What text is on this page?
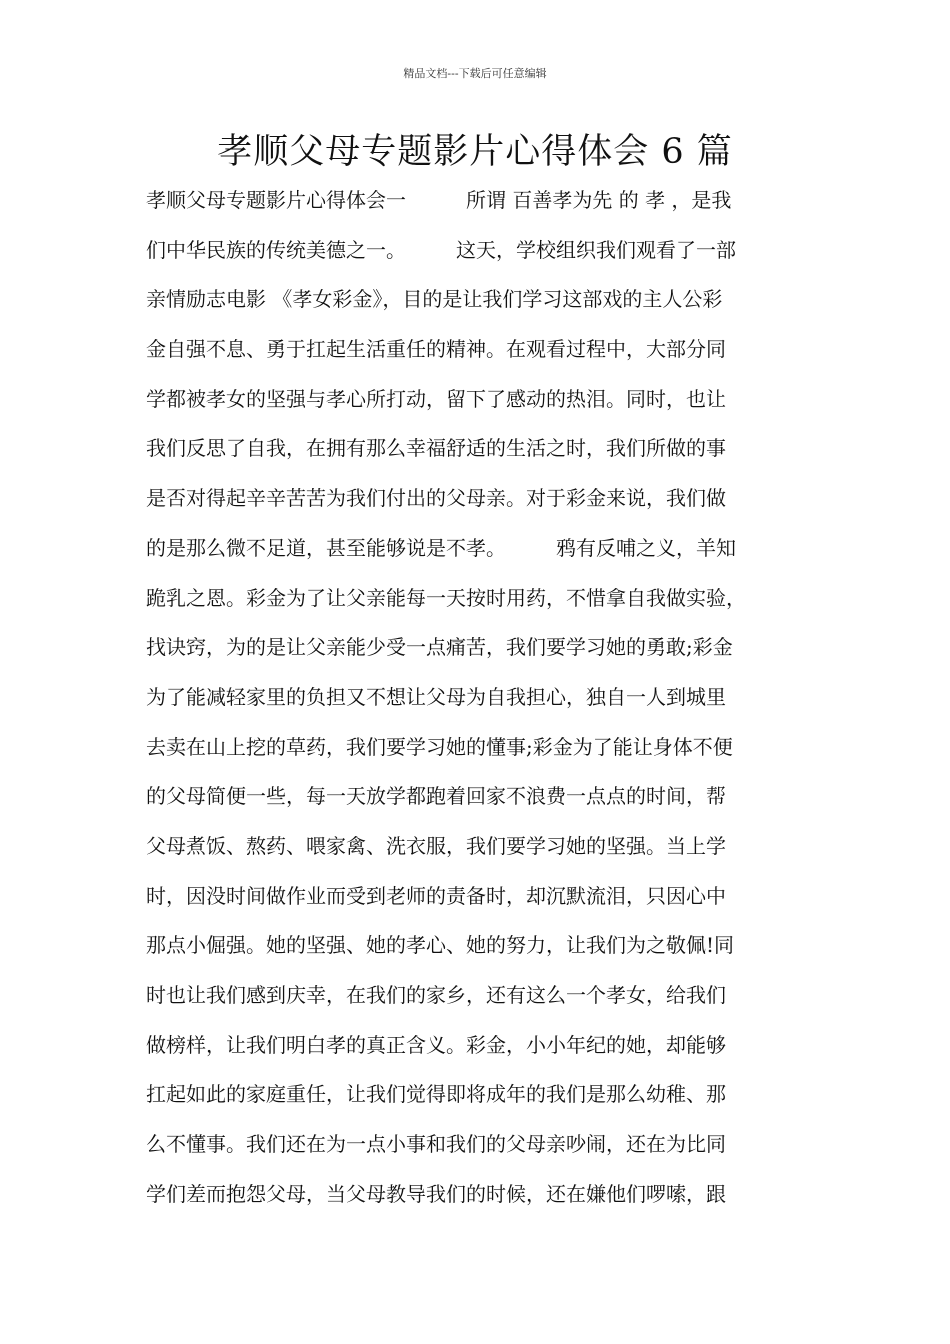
精品文档---下载后可任意编辑
孝顺父母专题影片心得体会 6 篇
孝顺父母专题影片心得体会一　　　所谓 百善孝为先 的 孝 ，是我
们中华民族的传统美德之一。　　　这天，学校组织我们观看了一部
亲情励志电影 《孝女彩金》，目的是让我们学习这部戏的主人公彩
金自强不息、勇于扛起生活重任的精神。在观看过程中，大部分同
学都被孝女的坚强与孝心所打动，留下了感动的热泪。同时，也让
我们反思了自我，在拥有那么幸福舒适的生活之时，我们所做的事
是否对得起辛辛苦苦为我们付出的父母亲。对于彩金来说，我们做
的是那么微不足道，甚至能够说是不孝。　　　鸦有反哺之义，羊知
跪乳之恩。彩金为了让父亲能每一天按时用药，不惜拿自我做实验，
找诀窍，为的是让父亲能少受一点痛苦，我们要学习她的勇敢;彩金
为了能减轻家里的负担又不想让父母为自我担心，独自一人到城里
去卖在山上挖的草药，我们要学习她的懂事;彩金为了能让身体不便
的父母简便一些，每一天放学都跑着回家不浪费一点点的时间，帮
父母煮饭、熬药、喂家禽、洗衣服，我们要学习她的坚强。当上学
时，因没时间做作业而受到老师的责备时，却沉默流泪，只因心中
那点小倔强。她的坚强、她的孝心、她的努力，让我们为之敬佩!同
时也让我们感到庆幸，在我们的家乡，还有这么一个孝女，给我们
做榜样，让我们明白孝的真正含义。彩金，小小年纪的她，却能够
扛起如此的家庭重任，让我们觉得即将成年的我们是那么幼稚、那
么不懂事。我们还在为一点小事和我们的父母亲吵闹，还在为比同
学们差而抱怨父母，当父母教导我们的时候，还在嫌他们啰嗦，跟
